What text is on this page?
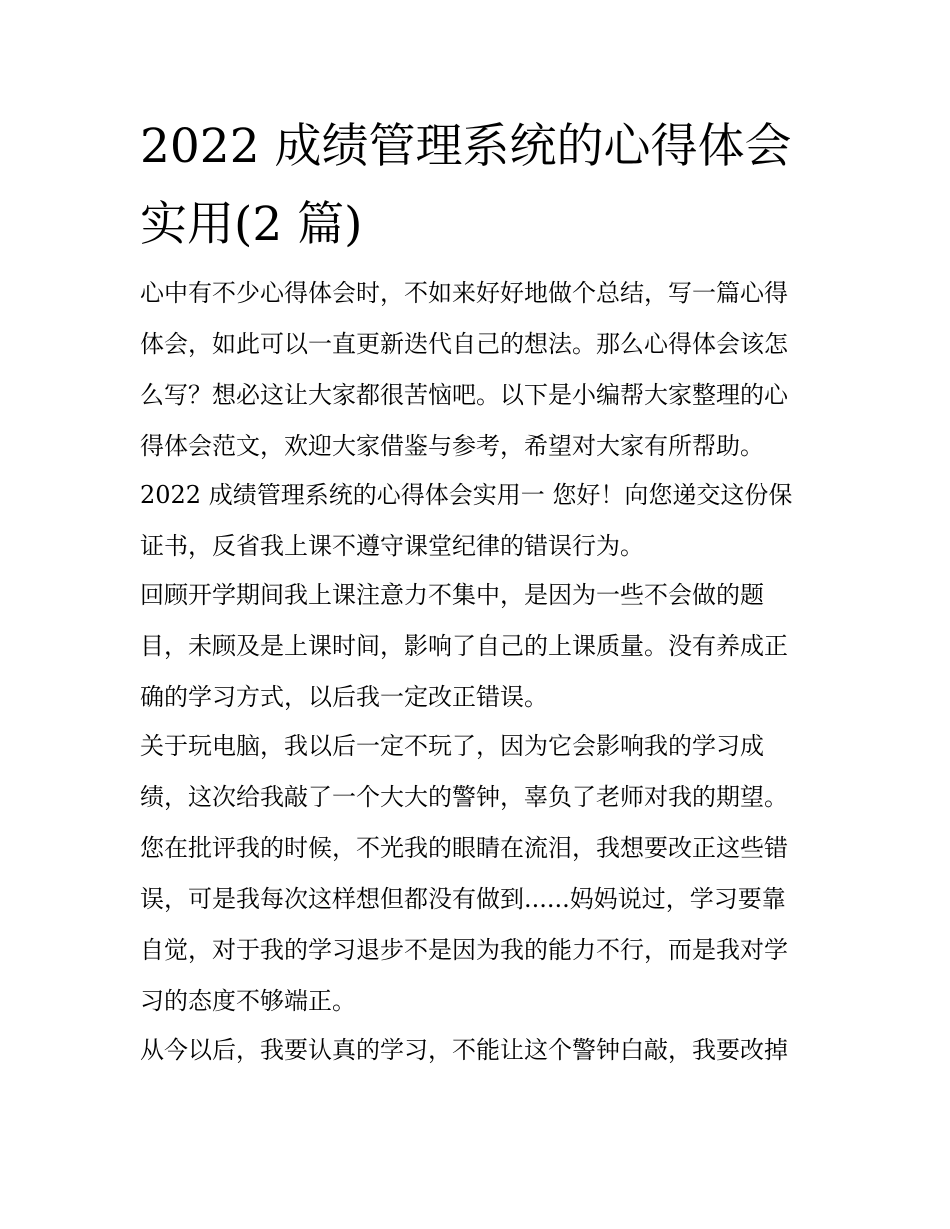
2022 成绩管理系统的心得体会
实用(2 篇)

心中有不少心得体会时，不如来好好地做个总结，写一篇心得
体会，如此可以一直更新迭代自己的想法。那么心得体会该怎
么写？想必这让大家都很苦恼吧。以下是小编帮大家整理的心
得体会范文，欢迎大家借鉴与参考，希望对大家有所帮助。

2022 成绩管理系统的心得体会实用一 您好！向您递交这份保
证书，反省我上课不遵守课堂纪律的错误行为。

回顾开学期间我上课注意力不集中，是因为一些不会做的题
目，未顾及是上课时间，影响了自己的上课质量。没有养成正
确的学习方式，以后我一定改正错误。

关于玩电脑，我以后一定不玩了，因为它会影响我的学习成
绩，这次给我敲了一个大大的警钟，辜负了老师对我的期望。
您在批评我的时候，不光我的眼睛在流泪，我想要改正这些错
误，可是我每次这样想但都没有做到......妈妈说过，学习要靠
自觉，对于我的学习退步不是因为我的能力不行，而是我对学
习的态度不够端正。

从今以后，我要认真的学习，不能让这个警钟白敲，我要改掉
